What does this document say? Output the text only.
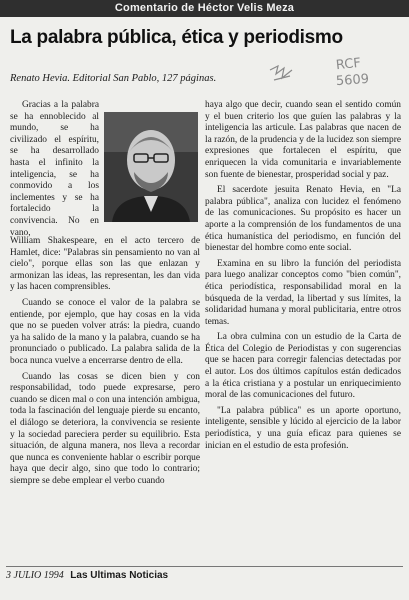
Comentario de Héctor Velis Meza
La palabra pública, ética y periodismo
Renato Hevia. Editorial San Pablo, 127 páginas.
RCF
5609

Gracias a la palabra se ha ennoblecido al mundo, se ha civilizado el espíritu, se ha desarrollado hasta el infinito la inteligencia, se ha conmovido a los inclementes y se ha fortalecido la convivencia. No en vano,

William Shakespeare, en el acto tercero de Hamlet, dice: "Palabras sin pensamiento no van al cielo", porque ellas son las que enlazan y armonizan las ideas, las representan, les dan vida y las hacen comprensibles.

Cuando se conoce el valor de la palabra se entiende, por ejemplo, que hay cosas en la vida que no se pueden volver atrás: la piedra, cuando ya ha salido de la mano y la palabra, cuando se ha pronunciado o publicado. La palabra salida de la boca nunca vuelve a encerrarse dentro de ella.

Cuando las cosas se dicen bien y con responsabilidad, todo puede expresarse, pero cuando se dicen mal o con una intención ambigua, toda la fascinación del lenguaje pierde su encanto, el diálogo se deteriora, la convivencia se resiente y la sociedad pareciera perder su equilibrio. Esta situación, de alguna manera, nos lleva a recordar que nunca es conveniente hablar o escribir porque haya que decir algo, sino que todo lo contrario; siempre se debe emplear el verbo cuando

haya algo que decir, cuando sean el sentido común y el buen criterio los que guíen las palabras y la inteligencia las articule. Las palabras que nacen de la razón, de la prudencia y de la lucidez son siempre expresiones que fortalecen el espíritu, que enriquecen la vida comunitaria e invariablemente son fuente de bienestar, prosperidad social y paz.

El sacerdote jesuita Renato Hevia, en "La palabra pública", analiza con lucidez el fenómeno de las comunicaciones. Su propósito es hacer un aporte a la comprensión de los fundamentos de una ética humanística del periodismo, en función del bienestar del hombre como ente social.

Examina en su libro la función del periodista para luego analizar conceptos como "bien común", ética periodística, responsabilidad moral en la búsqueda de la verdad, la libertad y sus límites, la solidaridad humana y moral publicitaria, entre otros temas.

La obra culmina con un estudio de la Carta de Ética del Colegio de Periodistas y con sugerencias que se hacen para corregir falencias detectadas por el autor. Los dos últimos capítulos están dedicados a la ética cristiana y a postular un enriquecimiento moral de las comunicaciones del futuro.

"La palabra pública" es un aporte oportuno, inteligente, sensible y lúcido al ejercicio de la labor periodística, y una guía eficaz para quienes se inician en el estudio de esta profesión.

3 JULIO 1994 Las Ultimas Noticias
